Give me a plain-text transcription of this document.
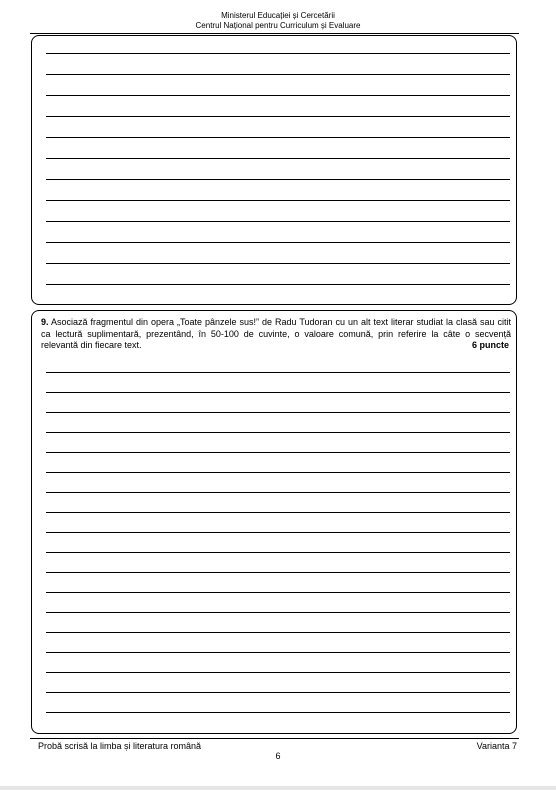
Ministerul Educației și Cercetării
Centrul Național pentru Curriculum și Evaluare
9. Asociază fragmentul din opera „Toate pânzele sus!” de Radu Tudoran cu un alt text literar studiat la clasă sau citit ca lectură suplimentară, prezentând, în 50-100 de cuvinte, o valoare comună, prin referire la câte o secvență relevantă din fiecare text.	6 puncte
Probă scrisă la limba și literatura română	Varianta 7
6
